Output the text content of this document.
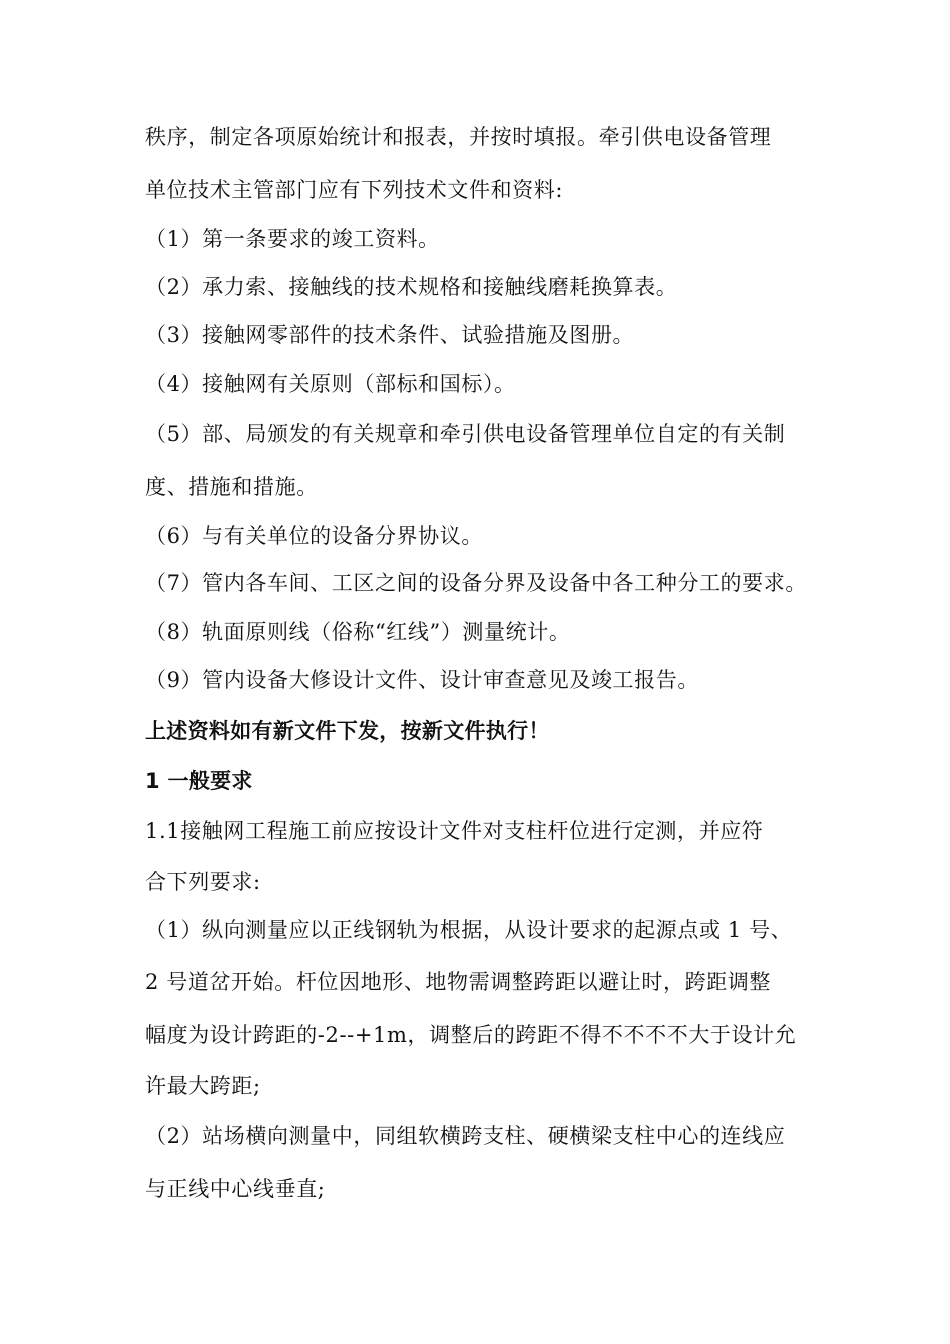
秩序，制定各项原始统计和报表，并按时填报。牵引供电设备管理
单位技术主管部门应有下列技术文件和资料:
（1）第一条要求的竣工资料。
（2）承力索、接触线的技术规格和接触线磨耗换算表。
（3）接触网零部件的技术条件、试验措施及图册。
（4）接触网有关原则（部标和国标）。
（5）部、局颁发的有关规章和牵引供电设备管理单位自定的有关制
度、措施和措施。
（6）与有关单位的设备分界协议。
（7）管内各车间、工区之间的设备分界及设备中各工种分工的要求。
（8）轨面原则线（俗称“红线”）测量统计。
（9）管内设备大修设计文件、设计审查意见及竣工报告。
上述资料如有新文件下发，按新文件执行！
1 一般要求
1.1接触网工程施工前应按设计文件对支柱杆位进行定测，并应符
合下列要求:
（1）纵向测量应以正线钢轨为根据，从设计要求的起源点或 1 号、
2 号道岔开始。杆位因地形、地物需调整跨距以避让时，跨距调整
幅度为设计跨距的-2--+1m，调整后的跨距不得不不不不大于设计允
许最大跨距;
（2）站场横向测量中，同组软横跨支柱、硬横梁支柱中心的连线应
与正线中心线垂直;
